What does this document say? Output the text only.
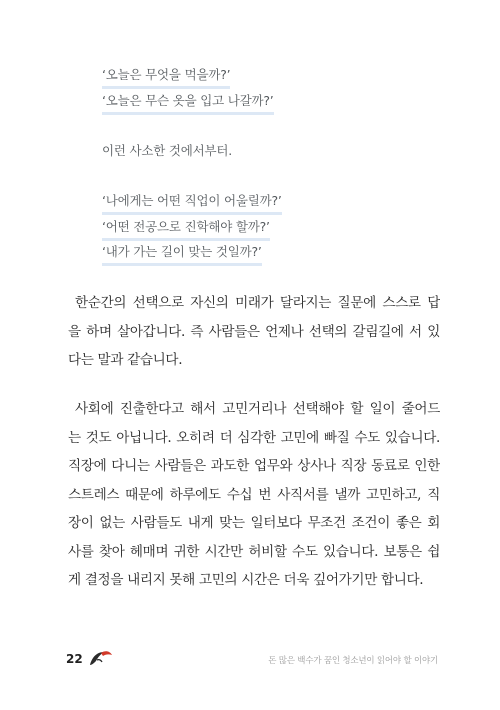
‘오늘은 무엇을 먹을까?’
‘오늘은 무슨 옷을 입고 나갈까?’
이런 사소한 것에서부터.
‘나에게는 어떤 직업이 어울릴까?’
‘어떤 전공으로 진학해야 할까?’
‘내가 가는 길이 맞는 것일까?’
한순간의 선택으로 자신의 미래가 달라지는 질문에 스스로 답
을 하며 살아갑니다. 즉 사람들은 언제나 선택의 갈림길에 서 있
다는 말과 같습니다.
사회에 진출한다고 해서 고민거리나 선택해야 할 일이 줄어드
는 것도 아닙니다. 오히려 더 심각한 고민에 빠질 수도 있습니다.
직장에 다니는 사람들은 과도한 업무와 상사나 직장 동료로 인한
스트레스 때문에 하루에도 수십 번 사직서를 낼까 고민하고, 직
장이 없는 사람들도 내게 맞는 일터보다 무조건 조건이 좋은 회
사를 찾아 헤매며 귀한 시간만 허비할 수도 있습니다. 보통은 쉽
게 결정을 내리지 못해 고민의 시간은 더욱 깊어가기만 합니다.
22	돈 많은 백수가 꿈인 청소년이 읽어야 할 이야기
